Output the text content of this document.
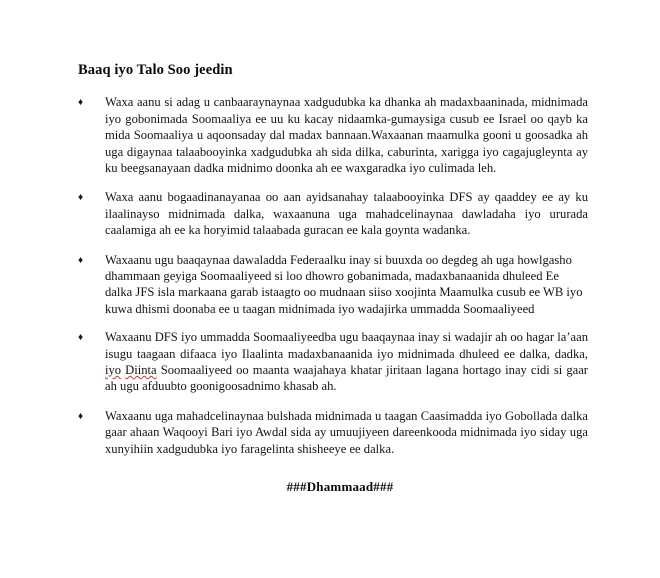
Baaq iyo Talo Soo jeedin
♦ Waxa aanu si adag u canbaaraynaynaa xadgudubka ka dhanka ah madaxbaaninada, midnimada iyo gobonimada Soomaaliya ee uu ku kacay nidaamka-gumaysiga cusub ee Israel oo qayb ka mida Soomaaliya u aqoonsaday dal madax bannaan.Waxaanan maamulka gooni u goosadka ah uga digaynaa talaabooyinka xadgudubka ah sida dilka, caburinta, xarigga iyo cagajugleynta ay ku beegsanayaan dadka midnimo doonka ah ee waxgaradka iyo culimada leh.
♦ Waxa aanu bogaadinanayanaa oo aan ayidsanahay talaabooyinka DFS ay qaaddey ee ay ku ilaalinayso midnimada dalka, waxaanuna uga mahadcelinaynaa dawladaha iyo ururada caalamiga ah ee ka horyimid talaabada guracan ee kala goynta wadanka.
♦ Waxaanu ugu baaqaynaa dawaladda Federaalku inay si buuxda oo degdeg ah uga howlgasho dhammaan geyiga Soomaaliyeed si loo dhowro gobanimada, madaxbanaanida dhuleed Ee dalka JFS isla markaana garab istaagto oo mudnaan siiso xoojinta Maamulka cusub ee WB iyo kuwa dhismi doonaba ee u taagan midnimada iyo wadajirka ummadda Soomaaliyeed
♦ Waxaanu DFS iyo ummadda Soomaaliyeedba ugu baaqaynaa inay si wadajir ah oo hagar la’aan isugu taagaan difaaca iyo Ilaalinta madaxbanaanida iyo midnimada dhuleed ee dalka, dadka, iyo Diinta Soomaaliyeed oo maanta waajahaya khatar jiritaan lagana hortago inay cidi si gaar ah ugu afduubto goonigoosadnimo khasab ah.
♦ Waxaanu uga mahadcelinaynaa bulshada midnimada u taagan Caasimadda iyo Gobollada dalka gaar ahaan Waqooyi Bari iyo Awdal sida ay umuujiyeen dareenkooda midnimada iyo siday uga xunyihiin xadgudubka iyo faragelinta shisheeye ee dalka.
###Dhammaad###
